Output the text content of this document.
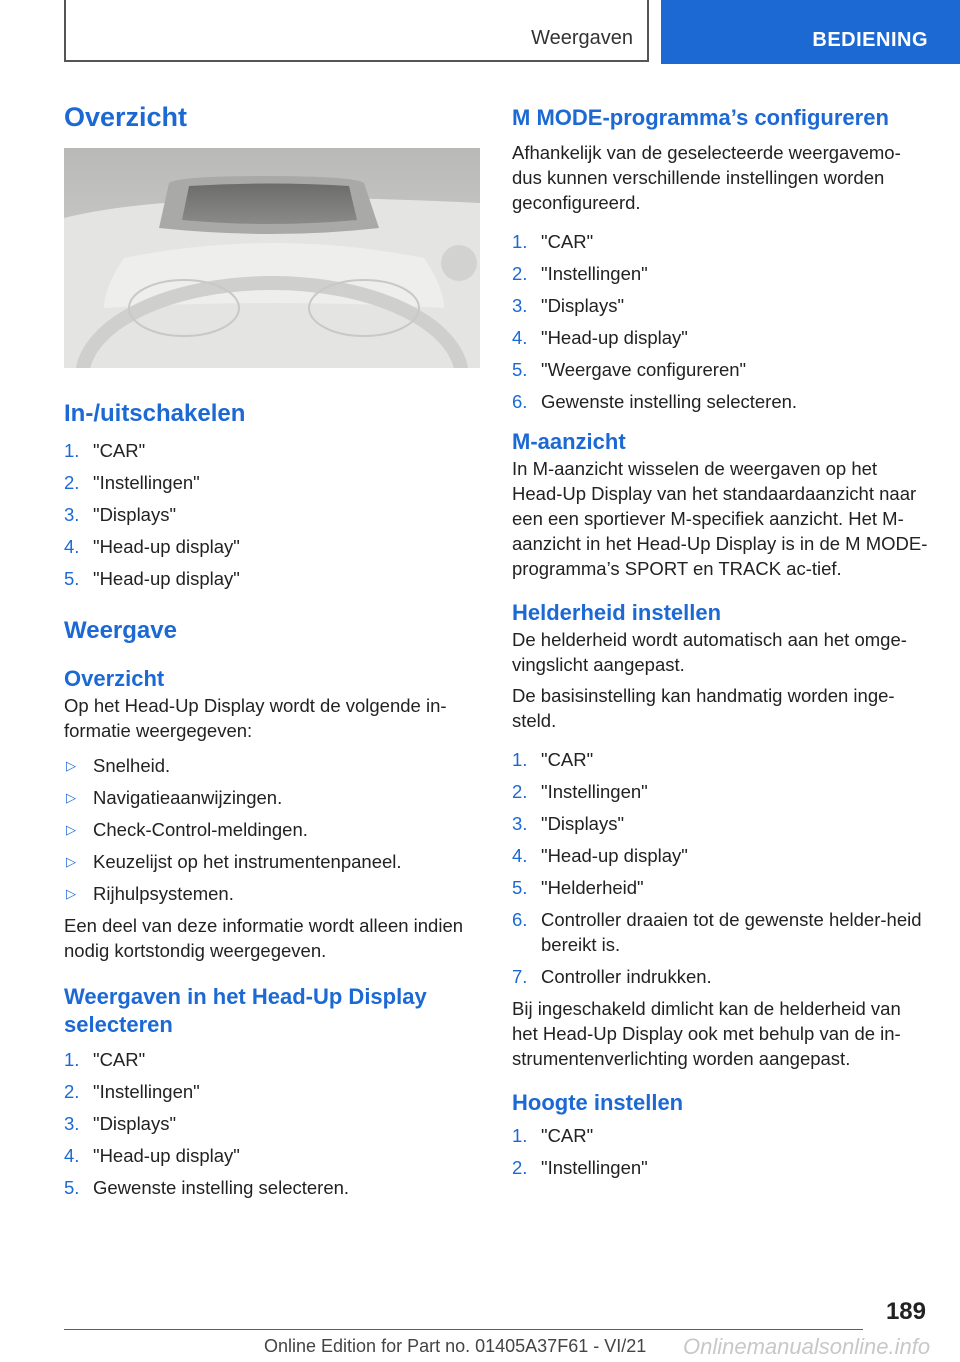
Weergaven	BEDIENING
Overzicht
In-/uitschakelen
1. "CAR"
2. "Instellingen"
3. "Displays"
4. "Head-up display"
5. "Head-up display"
Weergave
Overzicht

Op het Head-Up Display wordt de volgende in-formatie weergegeven:

▷ Snelheid.
▷ Navigatieaanwijzingen.
▷ Check-Control-meldingen.
▷ Keuzelijst op het instrumentenpaneel.
▷ Rijhulpsystemen.

Een deel van deze informatie wordt alleen indien nodig kortstondig weergegeven.

Weergaven in het Head-Up Display selecteren
1. "CAR"
2. "Instellingen"
3. "Displays"
4. "Head-up display"
5. Gewenste instelling selecteren.
M MODE-programma’s configureren

Afhankelijk van de geselecteerde weergavemo-dus kunnen verschillende instellingen worden geconfigureerd.

1. "CAR"
2. "Instellingen"
3. "Displays"
4. "Head-up display"
5. "Weergave configureren"
6. Gewenste instelling selecteren.
M-aanzicht

In M-aanzicht wisselen de weergaven op het Head-Up Display van het standaardaanzicht naar een een sportiever M-specifiek aanzicht. Het M-aanzicht in het Head-Up Display is in de M MODE-programma’s SPORT en TRACK ac-tief.

Helderheid instellen

De helderheid wordt automatisch aan het omge-vingslicht aangepast.

De basisinstelling kan handmatig worden inge-steld.

1. "CAR"
2. "Instellingen"
3. "Displays"
4. "Head-up display"
5. "Helderheid"
6. Controller draaien tot de gewenste helder-heid bereikt is.
7. Controller indrukken.

Bij ingeschakeld dimlicht kan de helderheid van het Head-Up Display ook met behulp van de in-strumentenverlichting worden aangepast.

Hoogte instellen
1. "CAR"
2. "Instellingen"
189
Online Edition for Part no. 01405A37F61 - VI/21 Onlinemanualsonline.info
